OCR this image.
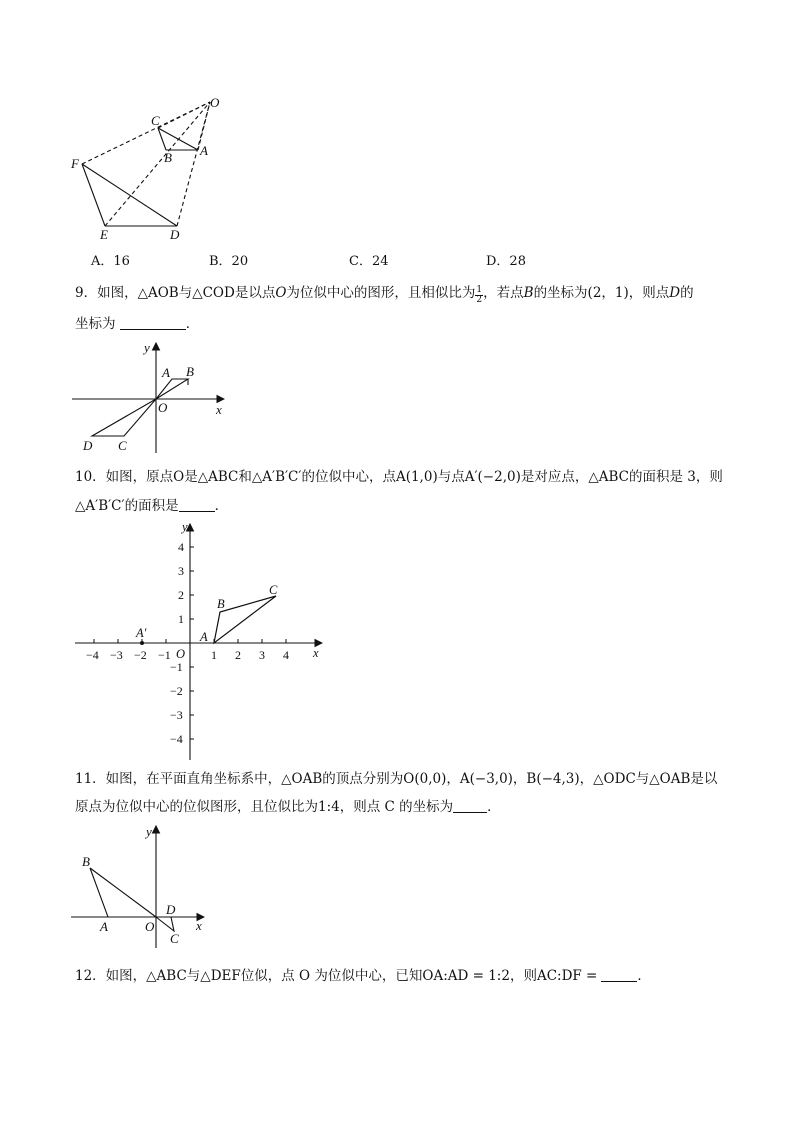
O
C
B A
F
E	D
A．16	B．20	C．24	D．28
9．如图，△AOB与△COD是以点O为位似中心的图形，且相似比为 $\frac{1}{2}$ ，若点B的坐标为(2，1)，则点D的
坐标为	．
y
x
A B
O
D C
10．如图，原点O是△ABC和△A′B′C′的位似中心，点A(1,0)与点A′(−2,0)是对应点，△ABC的面积是 3，则
△A′B′C′的面积是	．
−4 −3 −2 −1	1 2 3 4
4
3
2
1
−1
−2
−3
−4
y
x
O
A
B
C
A′
11．如图，在平面直角坐标系中，△OAB的顶点分别为O(0,0)，A(−3,0)，B(−4,3)，△ODC与△OAB是以
原点为位似中心的位似图形，且位似比为1:4，则点 C 的坐标为	．
y
x
B
A	O
D
C
12．如图，△ABC与△DEF位似，点 O 为位似中心，已知OA:AD = 1:2，则AC:DF =	．
